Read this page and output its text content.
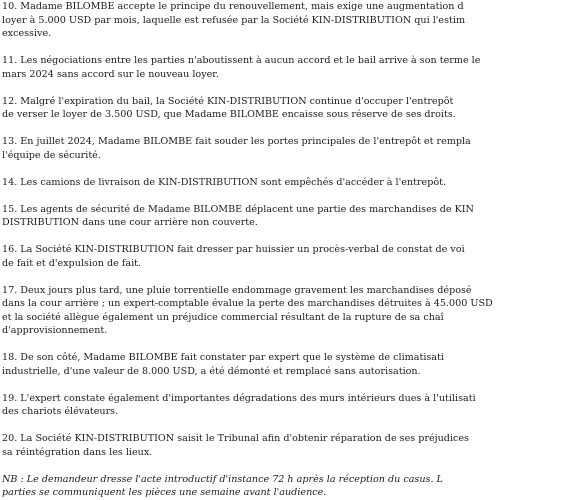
10. Madame BILOMBE accepte le principe du renouvellement, mais exige une augmentation d
loyer à 5.000 USD par mois, laquelle est refusée par la Société KIN-DISTRIBUTION qui l'estim
excessive.
11. Les négociations entre les parties n'aboutissent à aucun accord et le bail arrive à son terme le
mars 2024 sans accord sur le nouveau loyer.
12. Malgré l'expiration du bail, la Société KIN-DISTRIBUTION continue d'occuper l'entrepôt
de verser le loyer de 3.500 USD, que Madame BILOMBE encaisse sous réserve de ses droits.
13. En juillet 2024, Madame BILOMBE fait souder les portes principales de l'entrepôt et rempla
l'équipe de sécurité.
14. Les camions de livraison de KIN-DISTRIBUTION sont empêchés d'accéder à l'entrepôt.
15. Les agents de sécurité de Madame BILOMBE déplacent une partie des marchandises de KIN
DISTRIBUTION dans une cour arrière non couverte.
16. La Société KIN-DISTRIBUTION fait dresser par huissier un procès-verbal de constat de voi
de fait et d'expulsion de fait.
17. Deux jours plus tard, une pluie torrentielle endommage gravement les marchandises déposé
dans la cour arrière ; un expert-comptable évalue la perte des marchandises détruites à 45.000 USD
et la société allègue également un préjudice commercial résultant de la rupture de sa chaî
d'approvisionnement.
18. De son côté, Madame BILOMBE fait constater par expert que le système de climatisati
industrielle, d'une valeur de 8.000 USD, a été démonté et remplacé sans autorisation.
19. L'expert constate également d'importantes dégradations des murs intérieurs dues à l'utilisati
des chariots élévateurs.
20. La Société KIN-DISTRIBUTION saisit le Tribunal afin d'obtenir réparation de ses préjudices
sa réintégration dans les lieux.
NB : Le demandeur dresse l'acte introductif d'instance 72 h après la réception du casus. L
parties se communiquent les pièces une semaine avant l'audience.
